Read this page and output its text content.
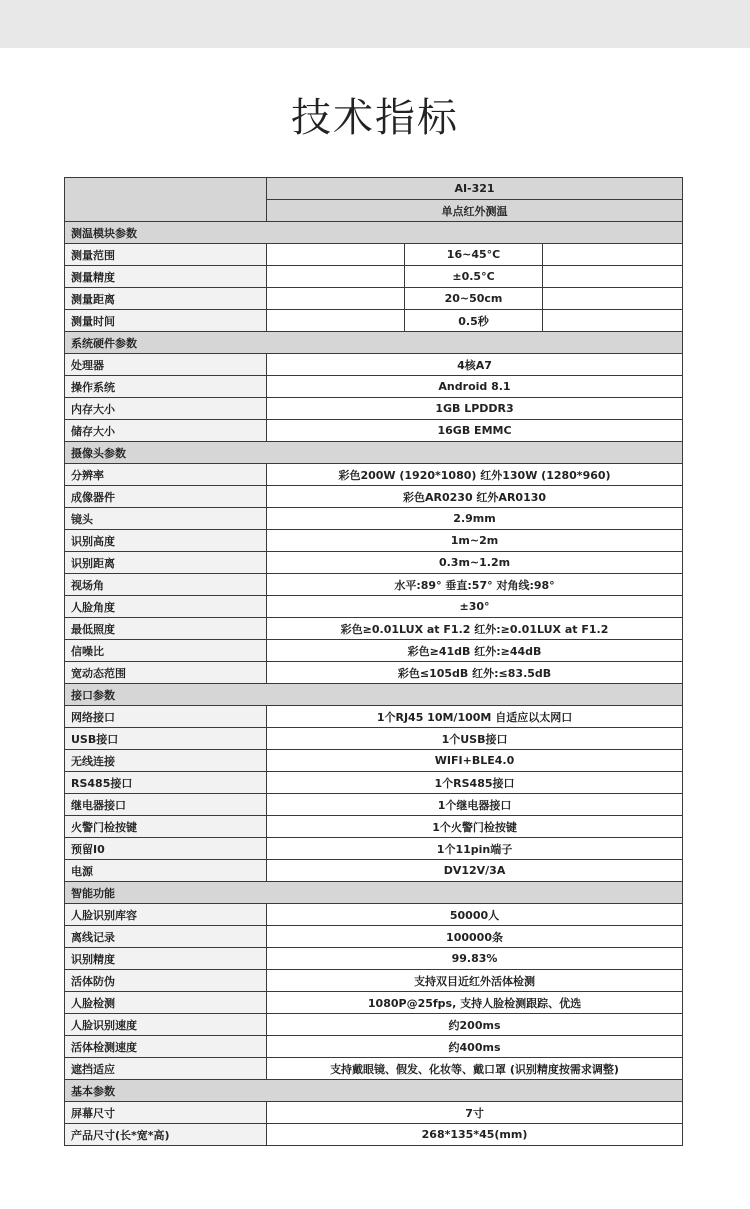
技术指标
	AI-321		
	单点红外测温		
测温模块参数			
测量范围		16~45°C	
测量精度		±0.5°C	
测量距离		20~50cm	
测量时间		0.5秒	
系统硬件参数			
处理器	4核A7		
操作系统	Android 8.1		
内存大小	1GB LPDDR3		
储存大小	16GB EMMC		
摄像头参数			
分辨率	彩色200W (1920*1080) 红外130W (1280*960)		
成像器件	彩色AR0230 红外AR0130		
镜头	2.9mm		
识别高度	1m~2m		
识别距离	0.3m~1.2m		
视场角	水平:89° 垂直:57° 对角线:98°		
人脸角度	±30°		
最低照度	彩色≥0.01LUX at F1.2 红外:≥0.01LUX at F1.2		
信噪比	彩色≥41dB 红外:≥44dB		
宽动态范围	彩色≤105dB 红外:≤83.5dB		
接口参数			
网络接口	1个RJ45 10M/100M 自适应以太网口		
USB接口	1个USB接口		
无线连接	WIFI+BLE4.0		
RS485接口	1个RS485接口		
继电器接口	1个继电器接口		
火警门检按键	1个火警门检按键		
预留I0	1个11pin端子		
电源	DV12V/3A		
智能功能			
人脸识别库容	50000人		
离线记录	100000条		
识别精度	99.83%		
活体防伪	支持双目近红外活体检测		
人脸检测	1080P@25fps, 支持人脸检测跟踪、优选		
人脸识别速度	约200ms		
活体检测速度	约400ms		
遮挡适应	支持戴眼镜、假发、化妆等、戴口罩 (识别精度按需求调整)		
基本参数			
屏幕尺寸	7寸		
产品尺寸(长*宽*高)	268*135*45(mm)		
